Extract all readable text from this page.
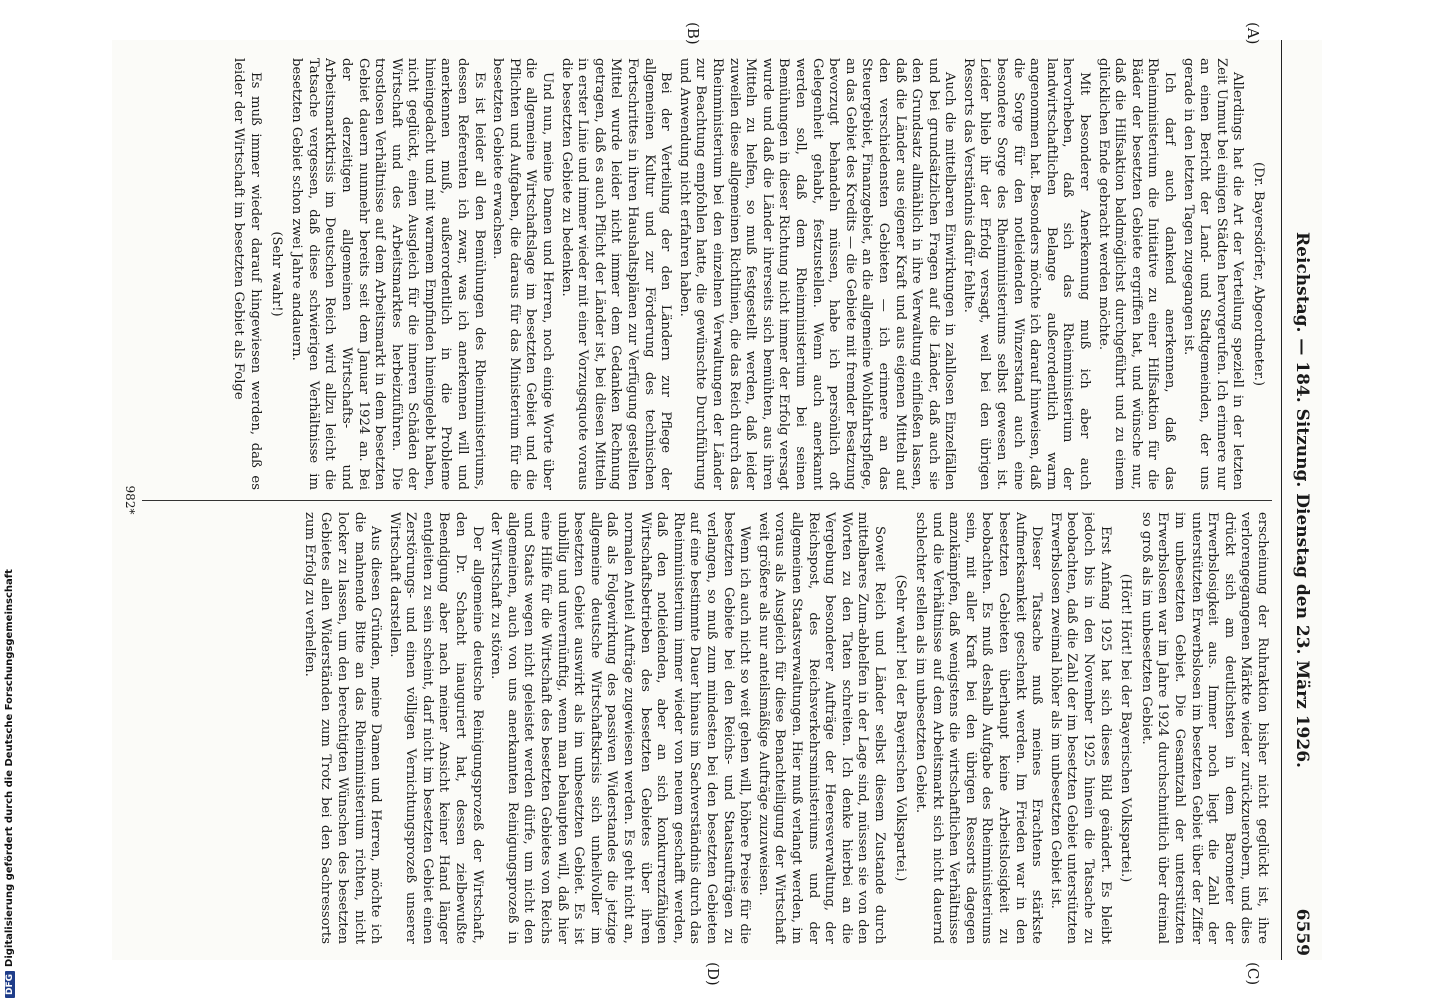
6559
Reichstag. — 184. Sitzung. Dienstag den 23. März 1926.
(A)
(B)
(C)
(D)

(Dr. Bayersdörfer, Abgeordneter.)

Allerdings hat die Art der Verteilung speziell in der letzten Zeit Unmut bei einigen Städten hervorgerufen. Ich erinnere nur an einen Bericht der Land- und Stadtgemeinden, der uns gerade in den letzten Tagen zugegangen ist.

Ich darf auch dankend anerkennen, daß das Rheinministerium die Initiative zu einer Hilfsaktion für die Bäder der besetzten Gebiete ergriffen hat, und wünsche nur, daß die Hilfsaktion baldmöglichst durchgeführt und zu einem glücklichen Ende gebracht werden möchte.

Mit besonderer Anerkennung muß ich aber auch hervorheben, daß sich das Rheinministerium der landwirtschaftlichen Belange außerordentlich warm angenommen hat. Besonders möchte ich darauf hinweisen, daß die Sorge für den notleidenden Winzerstand auch eine besondere Sorge des Rheinministeriums selbst gewesen ist. Leider blieb ihr der Erfolg versagt, weil bei den übrigen Ressorts das Verständnis dafür fehlte.

Auch die mittelbaren Einwirkungen in zahllosen Einzelfällen und bei grundsätzlichen Fragen auf die Länder, daß auch sie den Grundsatz allmählich in ihre Verwaltung einfließen lassen, daß die Länder aus eigener Kraft und aus eigenen Mitteln auf den verschiedensten Gebieten — ich erinnere an das Steuergebiet, Finanzgebiet, an die allgemeine Wohlfahrtspflege, an das Gebiet des Kredits — die Gebiete mit fremder Besatzung bevorzugt behandeln müssen, habe ich persönlich oft Gelegenheit gehabt, festzustellen. Wenn auch anerkannt werden soll, daß dem Rheinministerium bei seinen Bemühungen in dieser Richtung nicht immer der Erfolg versagt wurde und daß die Länder ihrerseits sich bemühten, aus ihren Mitteln zu helfen, so muß festgestellt werden, daß leider zuweilen diese allgemeinen Richtlinien, die das Reich durch das Rheinministerium bei den einzelnen Verwaltungen der Länder zur Beachtung empfohlen hatte, die gewünschte Durchführung und Anwendung nicht erfahren haben.

Bei der Verteilung der den Ländern zur Pflege der allgemeinen Kultur und zur Förderung des technischen Fortschrittes in ihren Haushaltsplänen zur Verfügung gestellten Mittel wurde leider nicht immer dem Gedanken Rechnung getragen, daß es auch Pflicht der Länder ist, bei diesen Mitteln in erster Linie und immer wieder mit einer Vorzugsquote voraus die besetzten Gebiete zu bedenken.

Und nun, meine Damen und Herren, noch einige Worte über die allgemeine Wirtschaftslage im besetzten Gebiet und die Pflichten und Aufgaben, die daraus für das Ministerium für die besetzten Gebiete erwachsen.

Es ist leider all den Bemühungen des Rheinministeriums, dessen Referenten ich zwar, was ich anerkennen will und anerkennen muß, außerordentlich in die Probleme hineingedacht und mit warmem Empfinden hineingelebt haben, nicht geglückt, einen Ausgleich für die inneren Schäden der Wirtschaft und des Arbeitsmarktes herbeizuführen. Die trostlosen Verhältnisse auf dem Arbeitsmarkt in dem besetzten Gebiet dauern nunmehr bereits seit dem Januar 1924 an. Bei der derzeitigen allgemeinen Wirtschafts- und Arbeitsmarktkrisis im Deutschen Reich wird allzu leicht die Tatsache vergessen, daß diese schwierigen Verhältnisse im besetzten Gebiet schon zwei Jahre andauern.

(Sehr wahr!)

Es muß immer wieder darauf hingewiesen werden, daß es leider der Wirtschaft im besetzten Gebiet als Folge

erscheinung der Ruhraktion bisher nicht geglückt ist, ihre verlorengegangenen Märkte wieder zurückzuerobern, und dies drückt sich am deutlichsten in dem Barometer der Erwerbslosigkeit aus. Immer noch liegt die Zahl der unterstützten Erwerbslosen im besetzten Gebiet über der Ziffer im unbesetzten Gebiet. Die Gesamtzahl der unterstützten Erwerbslosen war im Jahre 1924 durchschnittlich über dreimal so groß als im unbesetzten Gebiet.

(Hört! Hört! bei der Bayerischen Volkspartei.)

Erst Anfang 1925 hat sich dieses Bild geändert. Es bleibt jedoch bis in den November 1925 hinein die Tatsache zu beobachten, daß die Zahl der im besetzten Gebiet unterstützten Erwerbslosen zweimal höher als im unbesetzten Gebiet ist.

Dieser Tatsache muß meines Erachtens stärkste Aufmerksamkeit geschenkt werden. Im Frieden war in den besetzten Gebieten überhaupt keine Arbeitslosigkeit zu beobachten. Es muß deshalb Aufgabe des Rheinministeriums sein, mit aller Kraft bei den übrigen Ressorts dagegen anzukämpfen, daß wenigstens die wirtschaftlichen Verhältnisse und die Verhältnisse auf dem Arbeitsmarkt sich nicht dauernd schlechter stellen als im unbesetzten Gebiet.

(Sehr wahr! bei der Bayerischen Volkspartei.)

Soweit Reich und Länder selbst diesem Zustande durch mittelbares Zum-abhelfen in der Lage sind, müssen sie von den Worten zu den Taten schreiten. Ich denke hierbei an die Vergebung besonderer Aufträge der Heeresverwaltung, der Reichspost, des Reichsverkehrsministeriums und der allgemeinen Staatsverwaltungen. Hier muß verlangt werden, im voraus als Ausgleich für diese Benachteiligung der Wirtschaft weit größere als nur anteilsmäßige Aufträge zuzuweisen.

Wenn ich auch nicht so weit gehen will, höhere Preise für die besetzten Gebiete bei den Reichs- und Staatsaufträgen zu verlangen, so muß zum mindesten bei den besetzten Gebieten auf eine bestimmte Dauer hinaus im Sachverständnis durch das Rheinministerium immer wieder von neuem geschafft werden, daß den notleidenden, aber an sich konkurrenzfähigen Wirtschaftsbetrieben des besetzten Gebietes über ihren normalen Anteil Aufträge zugewiesen werden. Es geht nicht an, daß als Folgewirkung des passiven Widerstandes die jetzige allgemeine deutsche Wirtschaftskrisis sich unheilvoller im besetzten Gebiet auswirkt als im unbesetzten Gebiet. Es ist unbillig und unvernünftig, wenn man behaupten will, daß hier eine Hilfe für die Wirtschaft des besetzten Gebietes von Reichs und Staats wegen nicht geleistet werden dürfe, um nicht den allgemeinen, auch von uns anerkannten Reinigungsprozeß in der Wirtschaft zu stören.

Der allgemeine deutsche Reinigungsprozeß der Wirtschaft, den Dr. Schacht inauguriert hat, dessen zielbewußte Beendigung aber nach meiner Ansicht keiner Hand länger entgleiten zu sein scheint, darf nicht im besetzten Gebiet einen Zerstörungs- und einen völligen Vernichtungsprozeß unserer Wirtschaft darstellen.

Aus diesen Gründen, meine Damen und Herren, möchte ich die mahnende Bitte an das Rheinministerium richten, nicht locker zu lassen, um den berechtigten Wünschen des besetzten Gebietes allen Widerständen zum Trotz bei den Sachressorts zum Erfolg zu verhelfen.

982*
DFGDigitalisierung gefördert durch die Deutsche Forschungsgemeinschaft
